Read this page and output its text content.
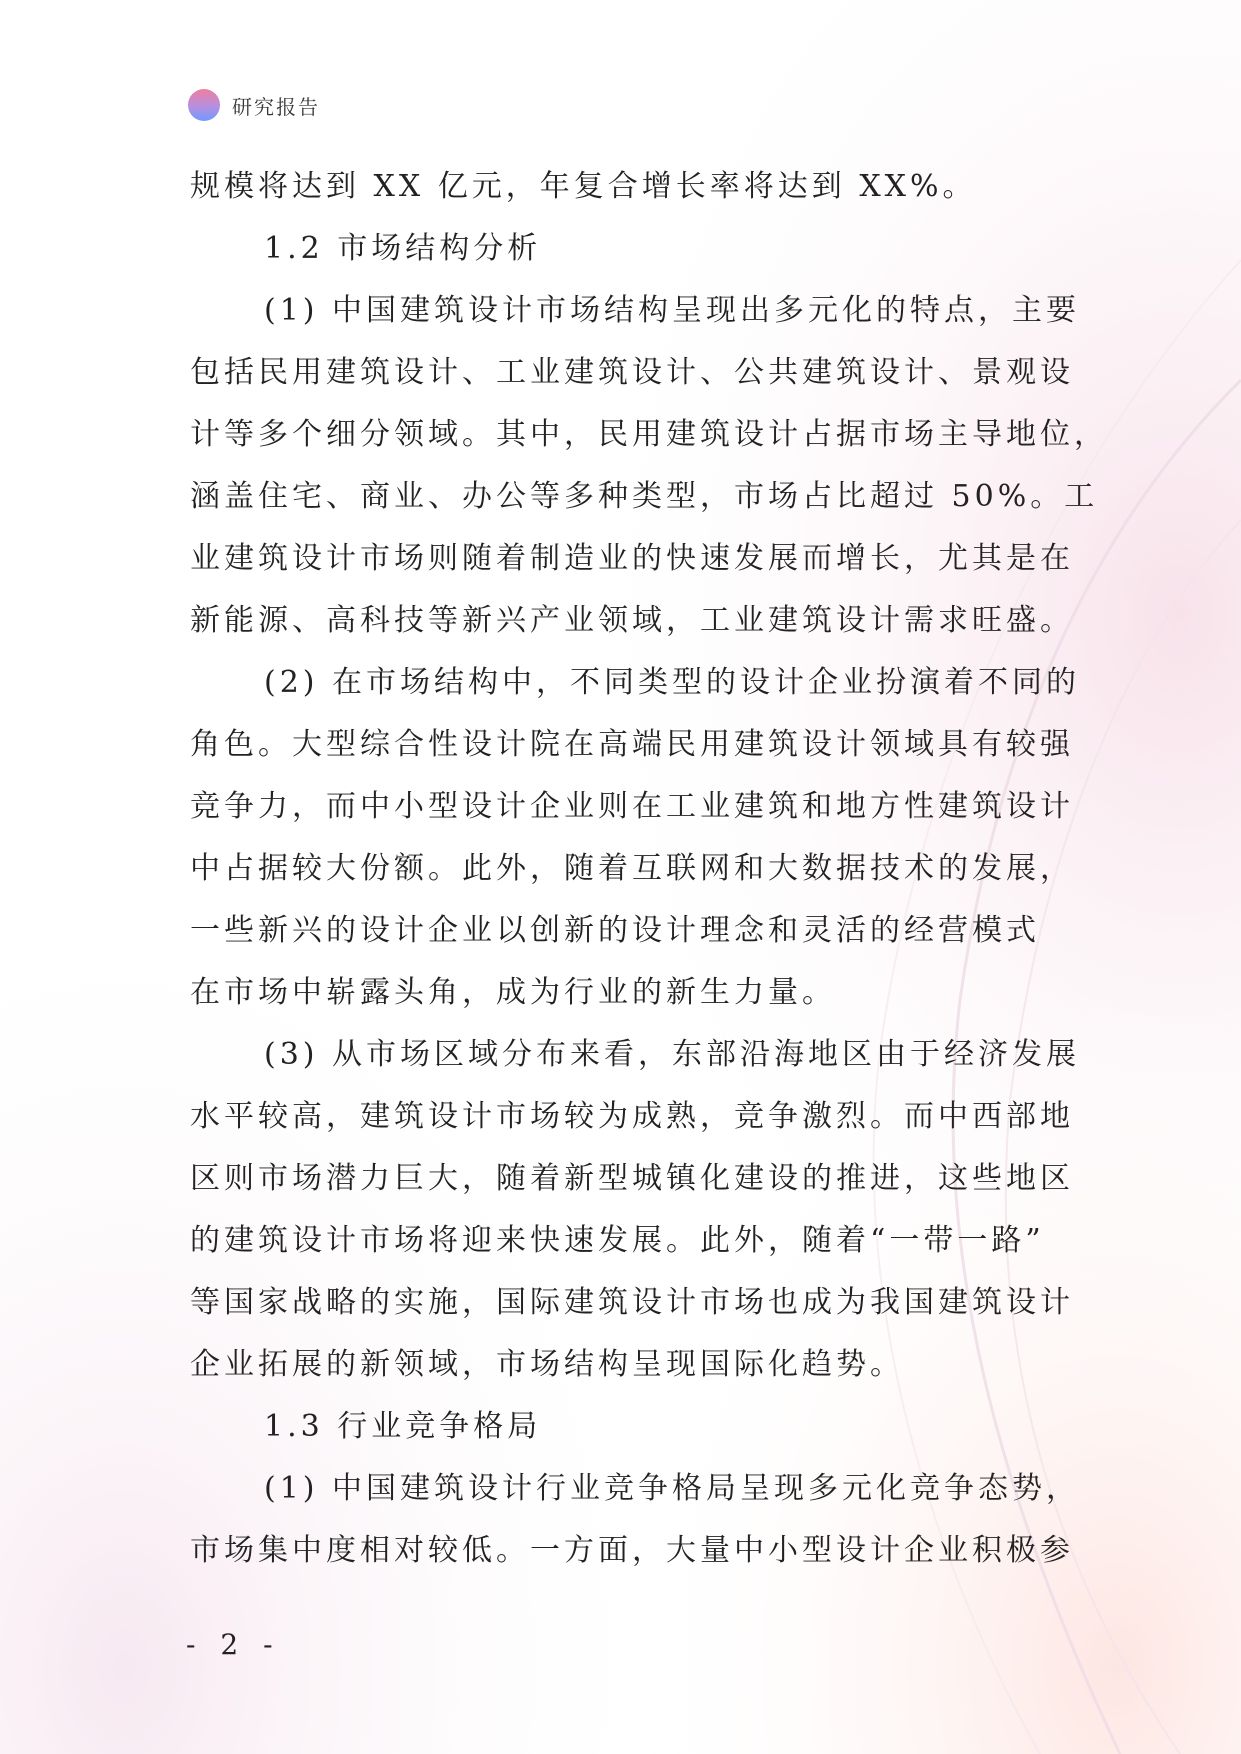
研究报告
规模将达到 XX 亿元，年复合增长率将达到 XX%。
1.2 市场结构分析
(1) 中国建筑设计市场结构呈现出多元化的特点，主要
包括民用建筑设计、工业建筑设计、公共建筑设计、景观设
计等多个细分领域。其中，民用建筑设计占据市场主导地位，
涵盖住宅、商业、办公等多种类型，市场占比超过 50%。工
业建筑设计市场则随着制造业的快速发展而增长，尤其是在
新能源、高科技等新兴产业领域，工业建筑设计需求旺盛。
(2) 在市场结构中，不同类型的设计企业扮演着不同的
角色。大型综合性设计院在高端民用建筑设计领域具有较强
竞争力，而中小型设计企业则在工业建筑和地方性建筑设计
中占据较大份额。此外，随着互联网和大数据技术的发展，
一些新兴的设计企业以创新的设计理念和灵活的经营模式
在市场中崭露头角，成为行业的新生力量。
(3) 从市场区域分布来看，东部沿海地区由于经济发展
水平较高，建筑设计市场较为成熟，竞争激烈。而中西部地
区则市场潜力巨大，随着新型城镇化建设的推进，这些地区
的建筑设计市场将迎来快速发展。此外，随着“一带一路”
等国家战略的实施，国际建筑设计市场也成为我国建筑设计
企业拓展的新领域，市场结构呈现国际化趋势。
1.3 行业竞争格局
(1) 中国建筑设计行业竞争格局呈现多元化竞争态势，
市场集中度相对较低。一方面，大量中小型设计企业积极参
- 2 -
